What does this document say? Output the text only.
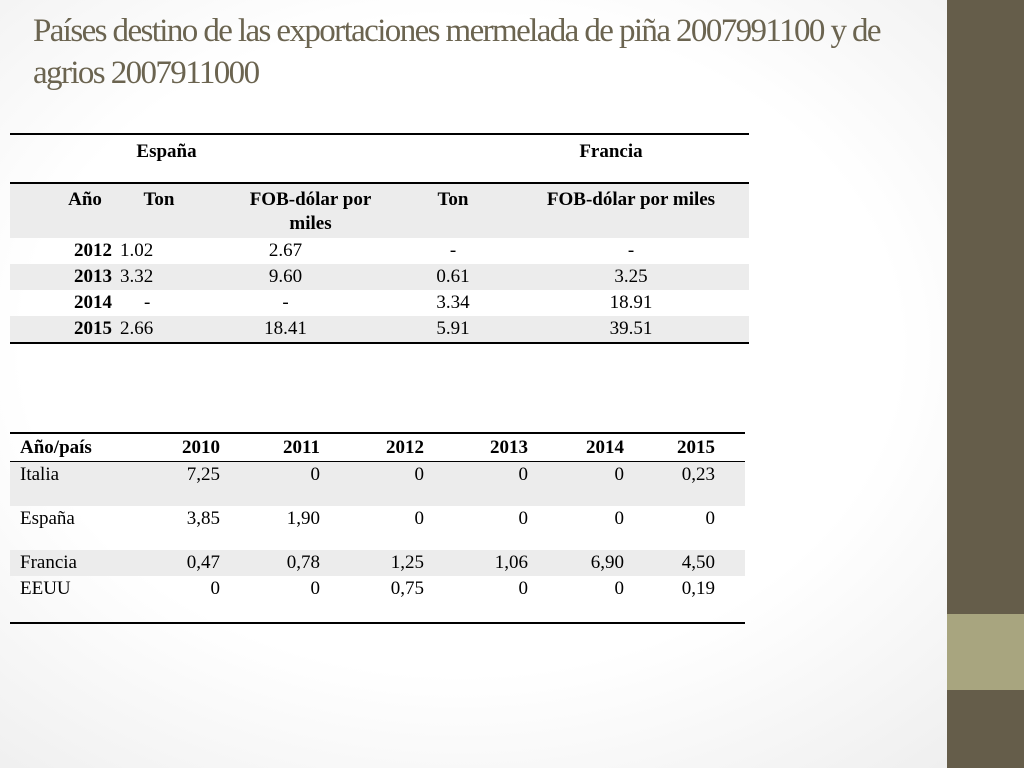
Países destino de las exportaciones mermelada de piña 2007991100 y de agrios 2007911000
España			Francia	
Año	Ton	FOB-dólar por miles	Ton	FOB-dólar por miles
2012	1.02	2.67	-	-
2013	3.32	9.60	0.61	3.25
2014	-	-	3.34	18.91
2015	2.66	18.41	5.91	39.51
Año/país	2010	2011	2012	2013	2014	2015
Italia	7,25	0	0	0	0	0,23
España	3,85	1,90	0	0	0	0
Francia	0,47	0,78	1,25	1,06	6,90	4,50
EEUU	0	0	0,75	0	0	0,19
